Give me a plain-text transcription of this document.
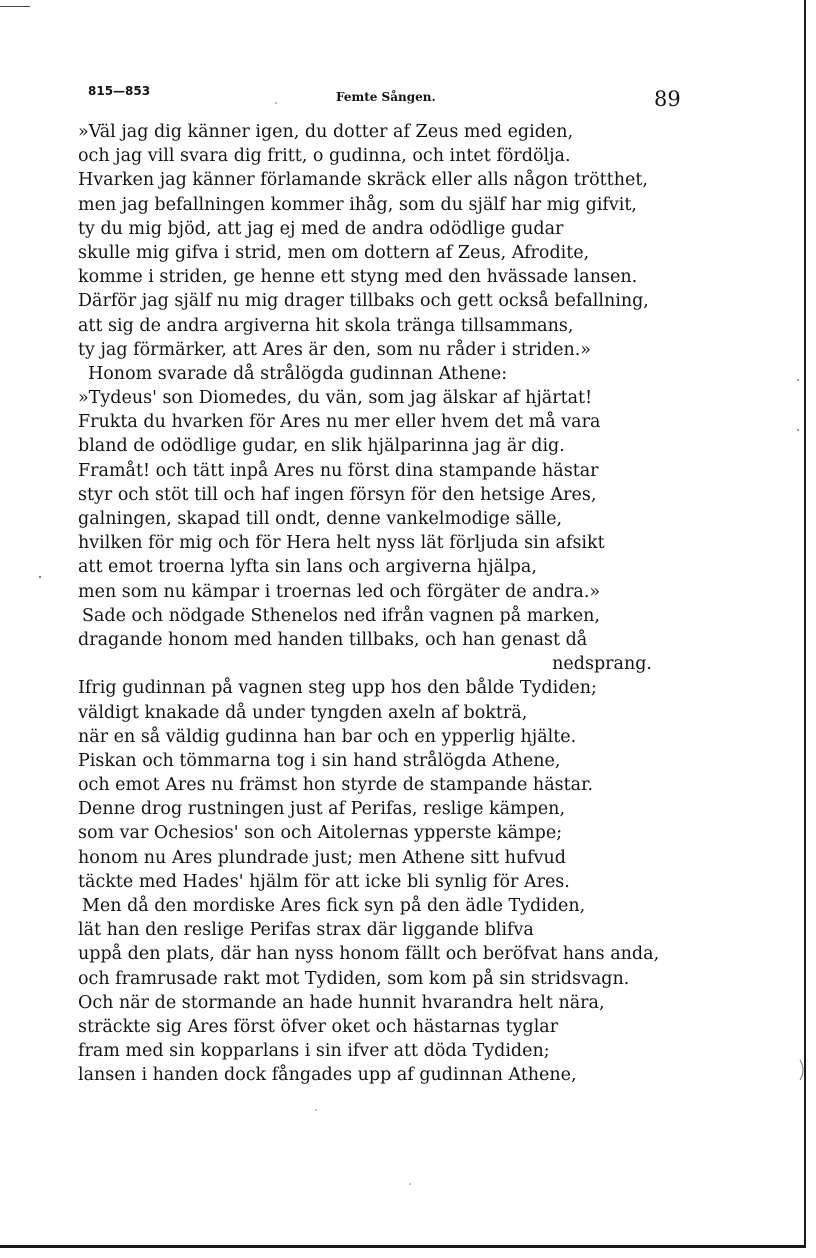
815—853	Femte Sången.	89
»Väl jag dig känner igen, du dotter af Zeus med egiden,
och jag vill svara dig fritt, o gudinna, och intet fördölja.
Hvarken jag känner förlamande skräck eller alls någon trötthet,
men jag befallningen kommer ihåg, som du själf har mig gifvit,
ty du mig bjöd, att jag ej med de andra odödlige gudar
skulle mig gifva i strid, men om dottern af Zeus, Afrodite,
komme i striden, ge henne ett styng med den hvässade lansen.
Därför jag själf nu mig drager tillbaks och gett också befallning,
att sig de andra argiverna hit skola tränga tillsammans,
ty jag förmärker, att Ares är den, som nu råder i striden.»
Honom svarade då strålögda gudinnan Athene:
»Tydeus' son Diomedes, du vän, som jag älskar af hjärtat!
Frukta du hvarken för Ares nu mer eller hvem det må vara
bland de odödlige gudar, en slik hjälparinna jag är dig.
Framåt! och tätt inpå Ares nu först dina stampande hästar
styr och stöt till och haf ingen försyn för den hetsige Ares,
galningen, skapad till ondt, denne vankelmodige sälle,
hvilken för mig och för Hera helt nyss lät förljuda sin afsikt
att emot troerna lyfta sin lans och argiverna hjälpa,
men som nu kämpar i troernas led och förgäter de andra.»
Sade och nödgade Sthenelos ned ifrån vagnen på marken,
dragande honom med handen tillbaks, och han genast då
nedsprang.
Ifrig gudinnan på vagnen steg upp hos den bålde Tydiden;
väldigt knakade då under tyngden axeln af bokträ,
när en så väldig gudinna han bar och en ypperlig hjälte.
Piskan och tömmarna tog i sin hand strålögda Athene,
och emot Ares nu främst hon styrde de stampande hästar.
Denne drog rustningen just af Perifas, reslige kämpen,
som var Ochesios' son och Aitolernas ypperste kämpe;
honom nu Ares plundrade just; men Athene sitt hufvud
täckte med Hades' hjälm för att icke bli synlig för Ares.
Men då den mordiske Ares fick syn på den ädle Tydiden,
lät han den reslige Perifas strax där liggande blifva
uppå den plats, där han nyss honom fällt och beröfvat hans anda,
och framrusade rakt mot Tydiden, som kom på sin stridsvagn.
Och när de stormande an hade hunnit hvarandra helt nära,
sträckte sig Ares först öfver oket och hästarnas tyglar
fram med sin kopparlans i sin ifver att döda Tydiden;
lansen i handen dock fångades upp af gudinnan Athene,
